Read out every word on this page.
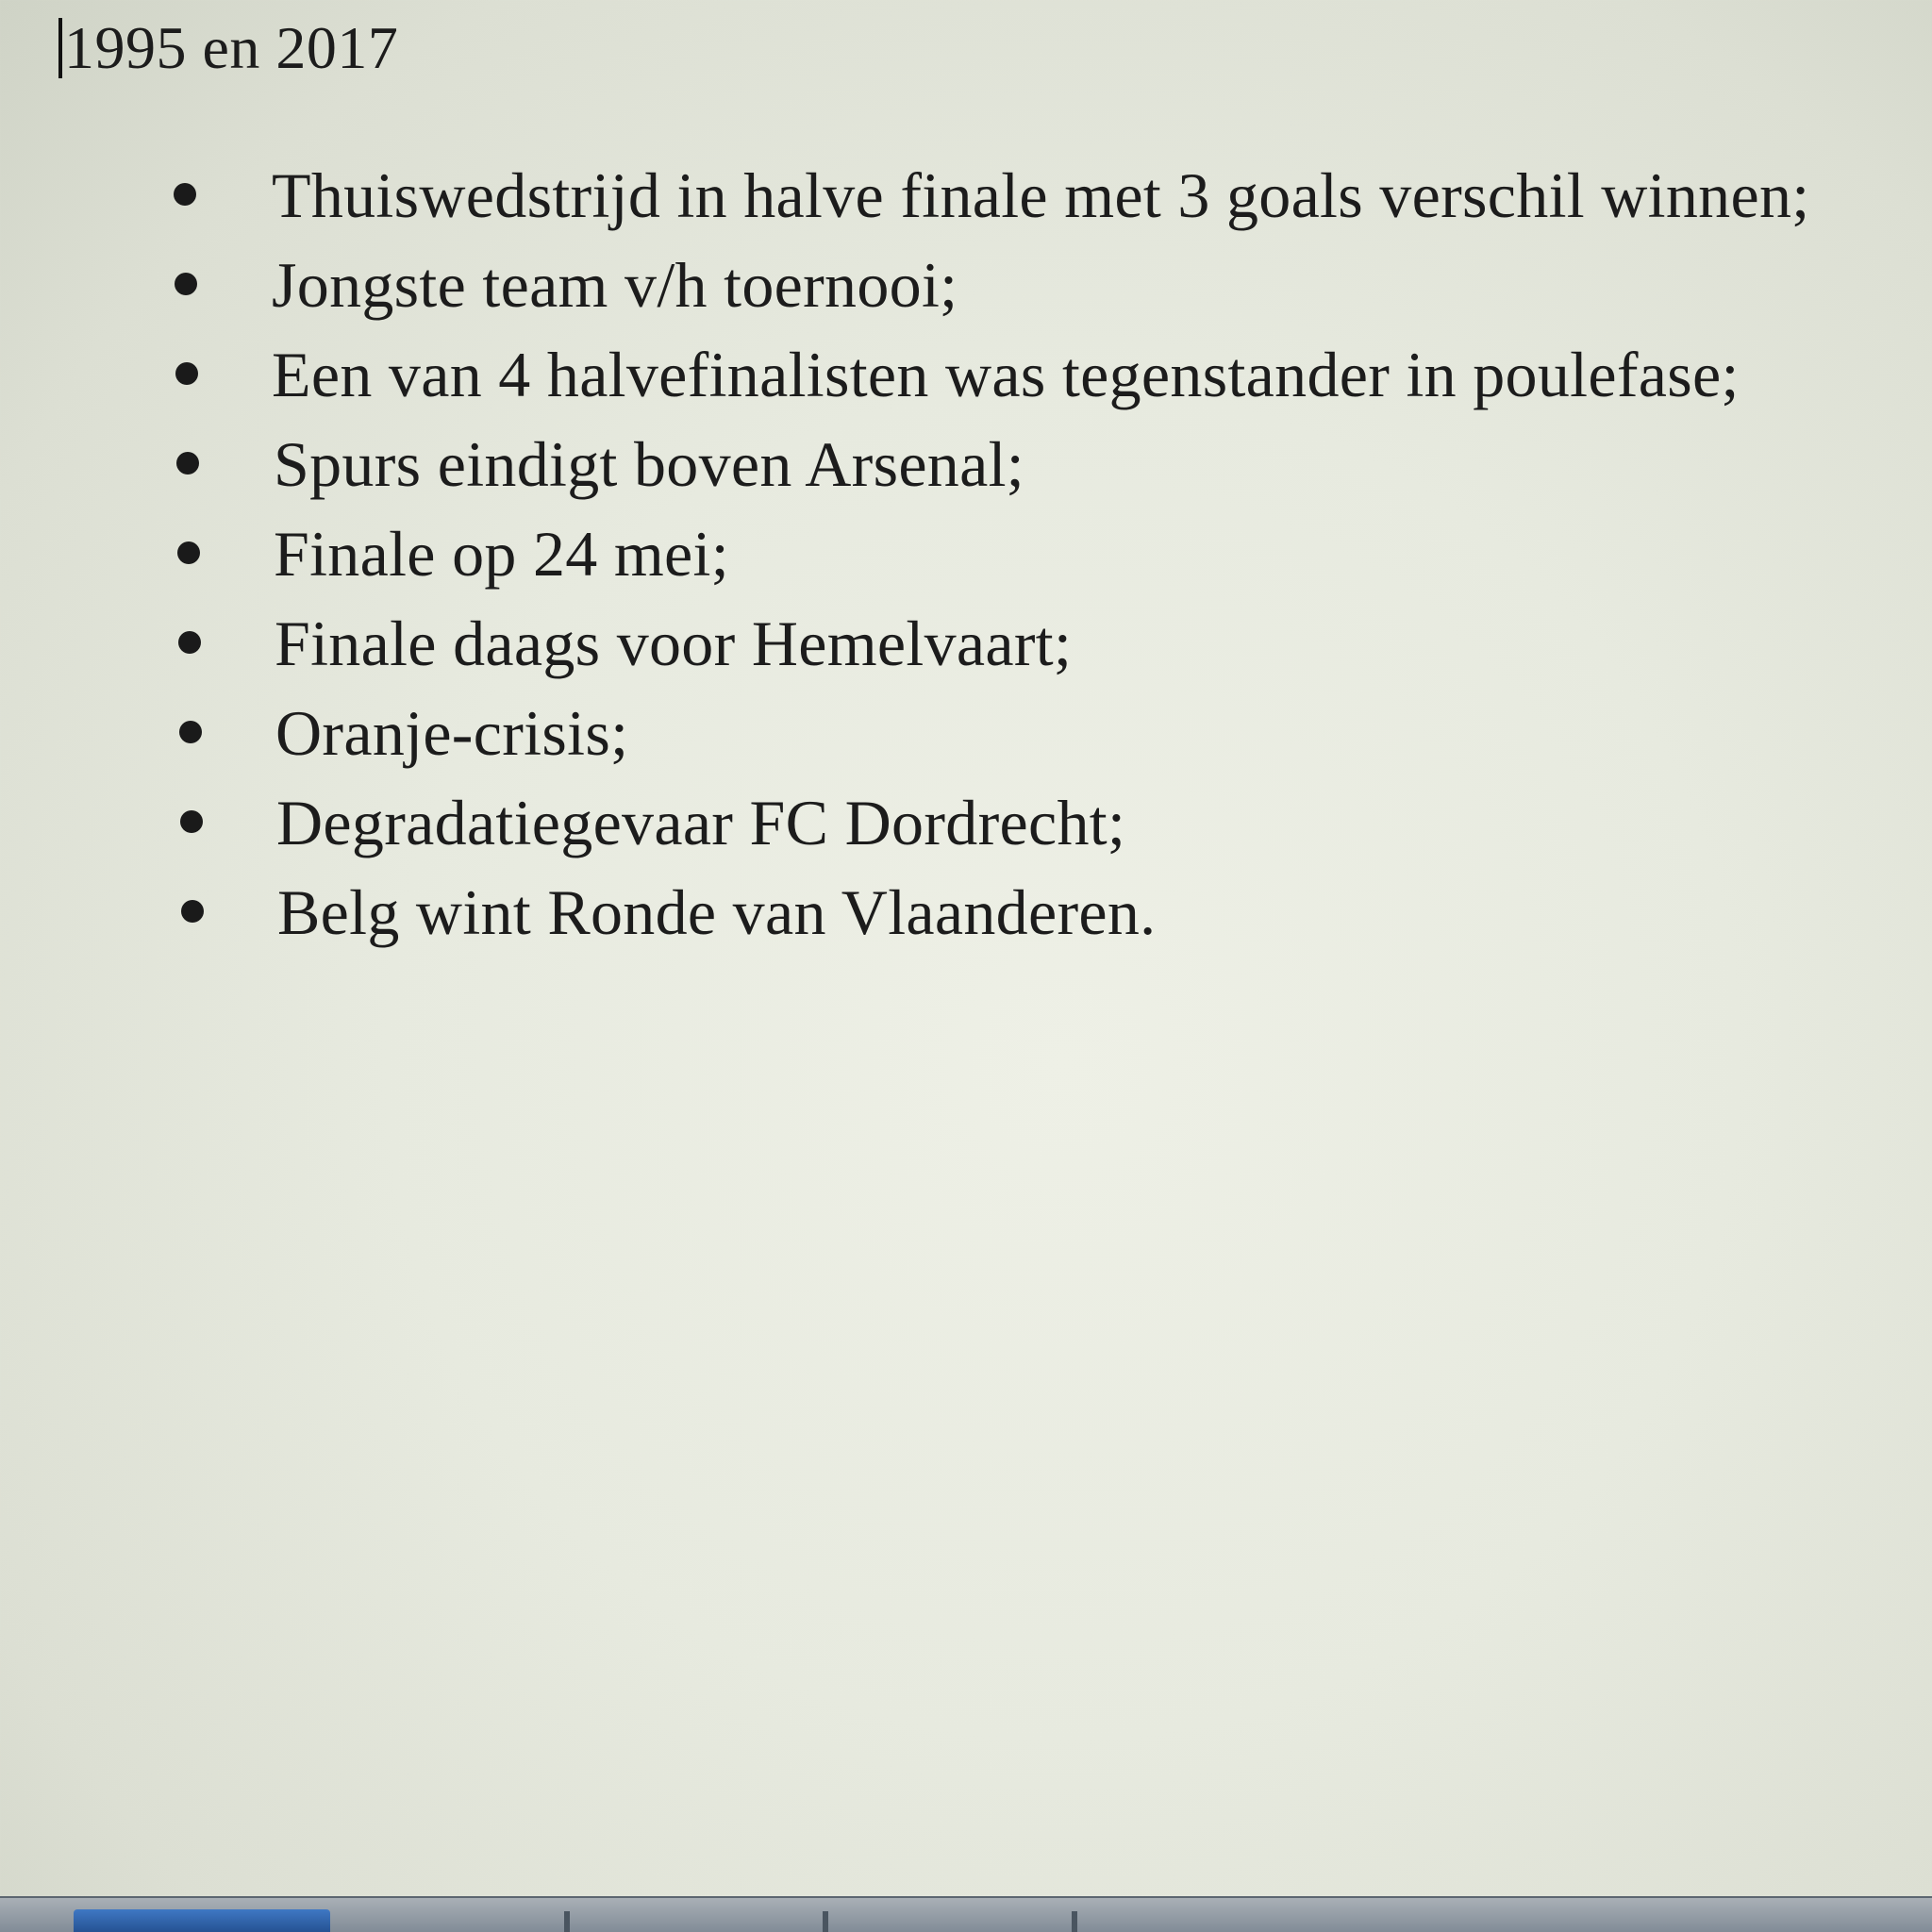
1995 en 2017
Thuiswedstrijd in halve finale met 3 goals verschil winnen;
Jongste team v/h toernooi;
Een van 4 halvefinalisten was tegenstander in poulefase;
Spurs eindigt boven Arsenal;
Finale op 24 mei;
Finale daags voor Hemelvaart;
Oranje-crisis;
Degradatiegevaar FC Dordrecht;
Belg wint Ronde van Vlaanderen.
